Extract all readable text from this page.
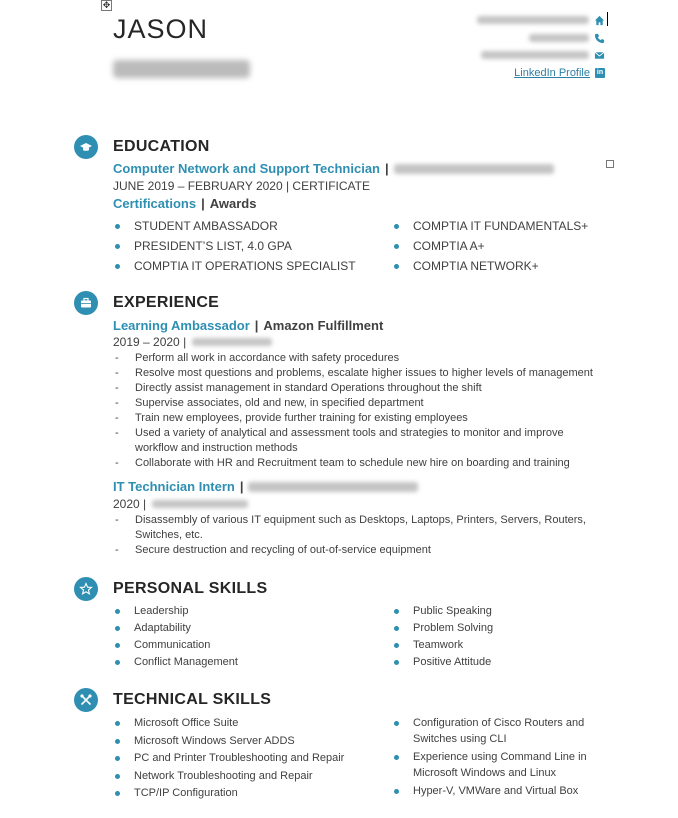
✥
JASON
LinkedIn Profile in
EDUCATION
Computer Network and Support Technician |
JUNE 2019 – FEBRUARY 2020 | CERTIFICATE
Certifications | Awards
STUDENT AMBASSADOR
PRESIDENT’S LIST, 4.0 GPA
COMPTIA IT OPERATIONS SPECIALIST
COMPTIA IT FUNDAMENTALS+
COMPTIA A+
COMPTIA NETWORK+
EXPERIENCE
Learning Ambassador | Amazon Fulfillment
2019 – 2020 |
-	Perform all work in accordance with safety procedures
-	Resolve most questions and problems, escalate higher issues to higher levels of management
-	Directly assist management in standard Operations throughout the shift
-	Supervise associates, old and new, in specified department
-	Train new employees, provide further training for existing employees
-	Used a variety of analytical and assessment tools and strategies to monitor and improve workflow and instruction methods
-	Collaborate with HR and Recruitment team to schedule new hire on boarding and training
IT Technician Intern |
2020 |
-	Disassembly of various IT equipment such as Desktops, Laptops, Printers, Servers, Routers, Switches, etc.
-	Secure destruction and recycling of out-of-service equipment
PERSONAL SKILLS
Leadership
Adaptability
Communication
Conflict Management
Public Speaking
Problem Solving
Teamwork
Positive Attitude
TECHNICAL SKILLS
Microsoft Office Suite
Microsoft Windows Server ADDS
PC and Printer Troubleshooting and Repair
Network Troubleshooting and Repair
TCP/IP Configuration
Configuration of Cisco Routers and Switches using CLI
Experience using Command Line in Microsoft Windows and Linux
Hyper-V, VMWare and Virtual Box
